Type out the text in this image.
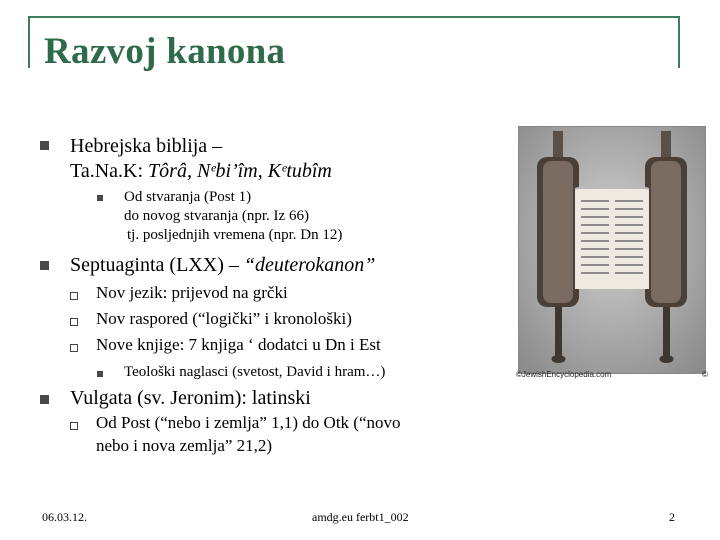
Razvoj kanona
Hebrejska biblija –
Ta.Na.K: Tôrâ, Nᵉbi’îm, Kᵉtubîm
Od stvaranja (Post 1)
do novog stvaranja (npr. Iz 66)
tj. posljednjih vremena (npr. Dn 12)
Septuaginta (LXX) – “deuterokanon”
Nov jezik: prijevod na grčki
Nov raspored (“logički” i kronološki)
Nove knjige: 7 knjiga ‘ dodatci u Dn i Est
Teološki naglasci (svetost, David i hram…)
Vulgata (sv. Jeronim): latinski
Od Post (“nebo i zemlja” 1,1) do Otk (“novo
nebo i nova zemlja” 21,2)
©JewishEncyclopedia.com	©
06.03.12.	amdg.eu ferbt1_002	2
